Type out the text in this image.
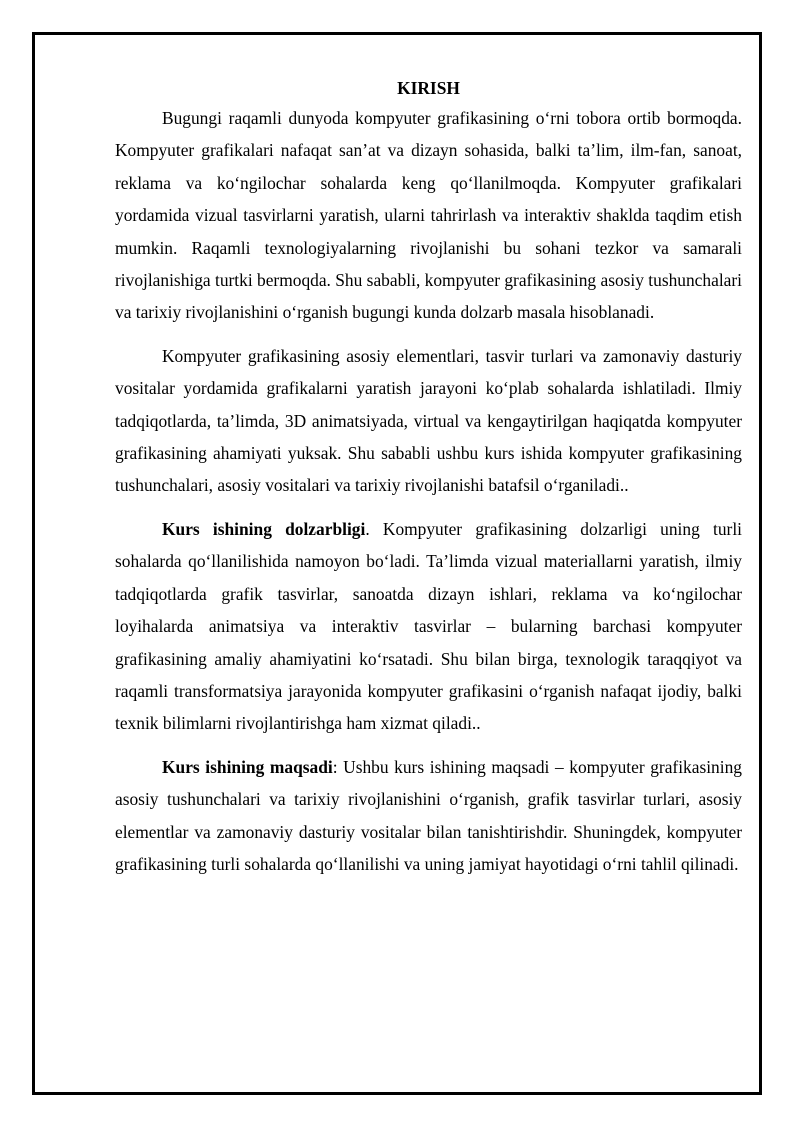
KIRISH

Bugungi raqamli dunyoda kompyuter grafikasining o‘rni tobora ortib bormoqda. Kompyuter grafikalari nafaqat san’at va dizayn sohasida, balki ta’lim, ilm-fan, sanoat, reklama va ko‘ngilochar sohalarda keng qo‘llanilmoqda. Kompyuter grafikalari yordamida vizual tasvirlarni yaratish, ularni tahrirlash va interaktiv shaklda taqdim etish mumkin. Raqamli texnologiyalarning rivojlanishi bu sohani tezkor va samarali rivojlanishiga turtki bermoqda. Shu sababli, kompyuter grafikasining asosiy tushunchalari va tarixiy rivojlanishini o‘rganish bugungi kunda dolzarb masala hisoblanadi.

Kompyuter grafikasining asosiy elementlari, tasvir turlari va zamonaviy dasturiy vositalar yordamida grafikalarni yaratish jarayoni ko‘plab sohalarda ishlatiladi. Ilmiy tadqiqotlarda, ta’limda, 3D animatsiyada, virtual va kengaytirilgan haqiqatda kompyuter grafikasining ahamiyati yuksak. Shu sababli ushbu kurs ishida kompyuter grafikasining tushunchalari, asosiy vositalari va tarixiy rivojlanishi batafsil o‘rganiladi..

Kurs ishining dolzarbligi. Kompyuter grafikasining dolzarligi uning turli sohalarda qo‘llanilishida namoyon bo‘ladi. Ta’limda vizual materiallarni yaratish, ilmiy tadqiqotlarda grafik tasvirlar, sanoatda dizayn ishlari, reklama va ko‘ngilochar loyihalarda animatsiya va interaktiv tasvirlar – bularning barchasi kompyuter grafikasining amaliy ahamiyatini ko‘rsatadi. Shu bilan birga, texnologik taraqqiyot va raqamli transformatsiya jarayonida kompyuter grafikasini o‘rganish nafaqat ijodiy, balki texnik bilimlarni rivojlantirishga ham xizmat qiladi..

Kurs ishining maqsadi: Ushbu kurs ishining maqsadi – kompyuter grafikasining asosiy tushunchalari va tarixiy rivojlanishini o‘rganish, grafik tasvirlar turlari, asosiy elementlar va zamonaviy dasturiy vositalar bilan tanishtirishdir. Shuningdek, kompyuter grafikasining turli sohalarda qo‘llanilishi va uning jamiyat hayotidagi o‘rni tahlil qilinadi.
